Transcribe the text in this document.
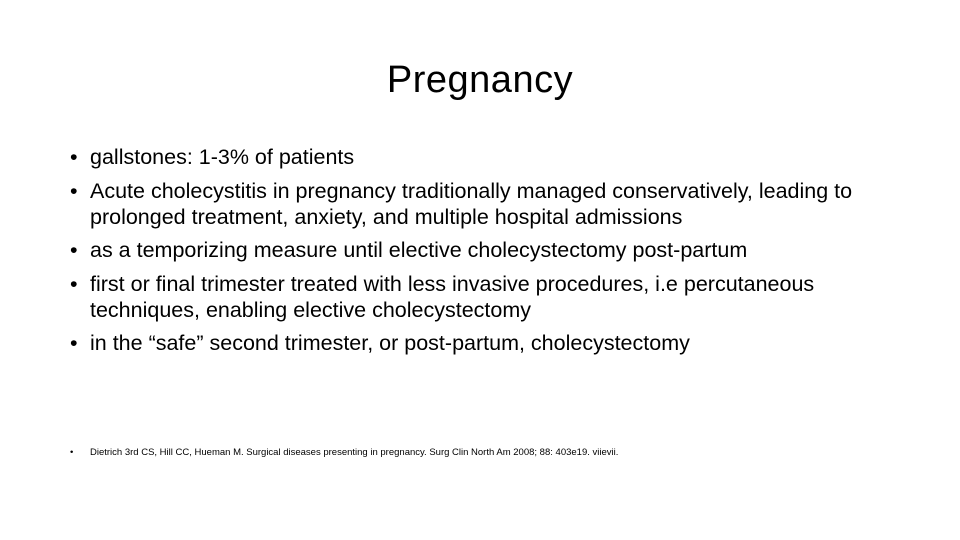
Pregnancy
• gallstones: 1-3% of patients
• Acute cholecystitis in pregnancy traditionally managed conservatively, leading to prolonged treatment, anxiety, and multiple hospital admissions
• as a temporizing measure until elective cholecystectomy post-partum
• first or final trimester treated with less invasive procedures, i.e percutaneous techniques, enabling elective cholecystectomy
• in the “safe” second trimester, or post-partum, cholecystectomy
•	Dietrich 3rd CS, Hill CC, Hueman M. Surgical diseases presenting in pregnancy. Surg Clin North Am 2008; 88: 403e19. viievii.
